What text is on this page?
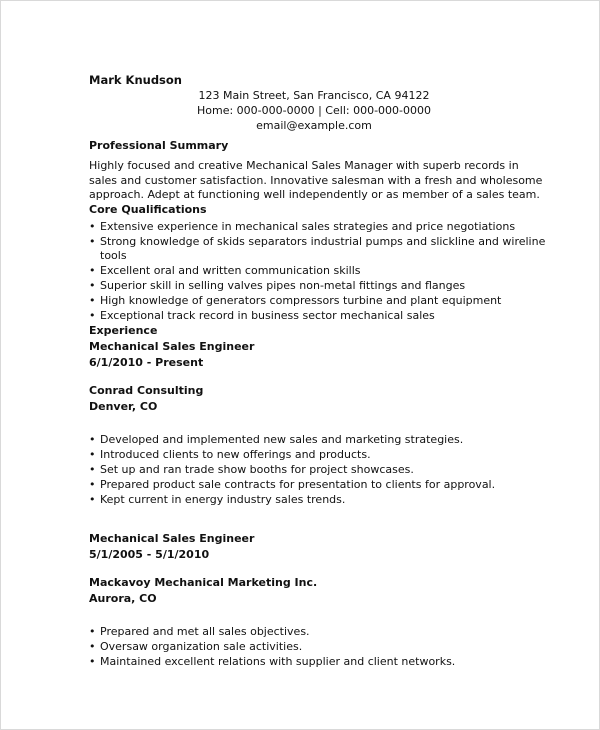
Mark Knudson
123 Main Street, San Francisco, CA 94122
Home: 000-000-0000 | Cell: 000-000-0000
email@example.com
Professional Summary
Highly focused and creative Mechanical Sales Manager with superb records in sales and customer satisfaction. Innovative salesman with a fresh and wholesome approach. Adept at functioning well independently or as member of a sales team.
Core Qualifications
• Extensive experience in mechanical sales strategies and price negotiations
• Strong knowledge of skids separators industrial pumps and slickline and wireline tools
• Excellent oral and written communication skills
• Superior skill in selling valves pipes non-metal fittings and flanges
• High knowledge of generators compressors turbine and plant equipment
• Exceptional track record in business sector mechanical sales
Experience
Mechanical Sales Engineer
6/1/2010 - Present
Conrad Consulting
Denver, CO
• Developed and implemented new sales and marketing strategies.
• Introduced clients to new offerings and products.
• Set up and ran trade show booths for project showcases.
• Prepared product sale contracts for presentation to clients for approval.
• Kept current in energy industry sales trends.
Mechanical Sales Engineer
5/1/2005 - 5/1/2010
Mackavoy Mechanical Marketing Inc.
Aurora, CO
• Prepared and met all sales objectives.
• Oversaw organization sale activities.
• Maintained excellent relations with supplier and client networks.
